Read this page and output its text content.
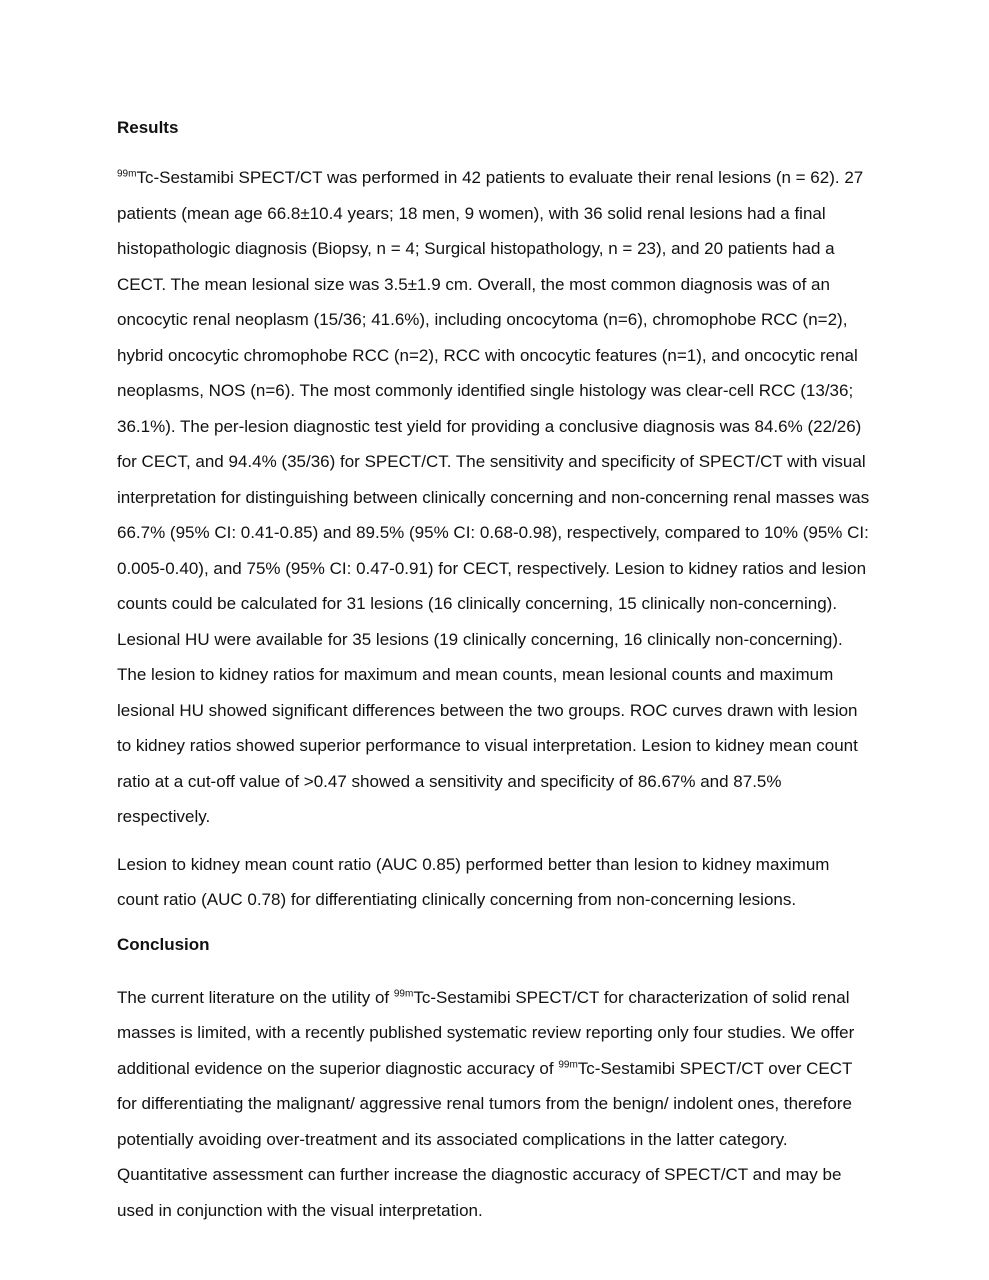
Results

$^{99m}$Tc-Sestamibi SPECT/CT was performed in 42 patients to evaluate their renal lesions (n = 62). 27 patients (mean age 66.8±10.4 years; 18 men, 9 women), with 36 solid renal lesions had a final histopathologic diagnosis (Biopsy, n = 4; Surgical histopathology, n = 23), and 20 patients had a CECT. The mean lesional size was 3.5±1.9 cm. Overall, the most common diagnosis was of an oncocytic renal neoplasm (15/36; 41.6%), including oncocytoma (n=6), chromophobe RCC (n=2), hybrid oncocytic chromophobe RCC (n=2), RCC with oncocytic features (n=1), and oncocytic renal neoplasms, NOS (n=6). The most commonly identified single histology was clear-cell RCC (13/36; 36.1%). The per-lesion diagnostic test yield for providing a conclusive diagnosis was 84.6% (22/26) for CECT, and 94.4% (35/36) for SPECT/CT. The sensitivity and specificity of SPECT/CT with visual interpretation for distinguishing between clinically concerning and non-concerning renal masses was 66.7% (95% CI: 0.41-0.85) and 89.5% (95% CI: 0.68-0.98), respectively, compared to 10% (95% CI: 0.005-0.40), and 75% (95% CI: 0.47-0.91) for CECT, respectively. Lesion to kidney ratios and lesion counts could be calculated for 31 lesions (16 clinically concerning, 15 clinically non-concerning). Lesional HU were available for 35 lesions (19 clinically concerning, 16 clinically non-concerning). The lesion to kidney ratios for maximum and mean counts, mean lesional counts and maximum lesional HU showed significant differences between the two groups. ROC curves drawn with lesion to kidney ratios showed superior performance to visual interpretation. Lesion to kidney mean count ratio at a cut-off value of >0.47 showed a sensitivity and specificity of 86.67% and 87.5% respectively.

Lesion to kidney mean count ratio (AUC 0.85) performed better than lesion to kidney maximum count ratio (AUC 0.78) for differentiating clinically concerning from non-concerning lesions.

Conclusion

The current literature on the utility of $^{99m}$Tc-Sestamibi SPECT/CT for characterization of solid renal masses is limited, with a recently published systematic review reporting only four studies. We offer additional evidence on the superior diagnostic accuracy of $^{99m}$Tc-Sestamibi SPECT/CT over CECT for differentiating the malignant/ aggressive renal tumors from the benign/ indolent ones, therefore potentially avoiding over-treatment and its associated complications in the latter category. Quantitative assessment can further increase the diagnostic accuracy of SPECT/CT and may be used in conjunction with the visual interpretation.
